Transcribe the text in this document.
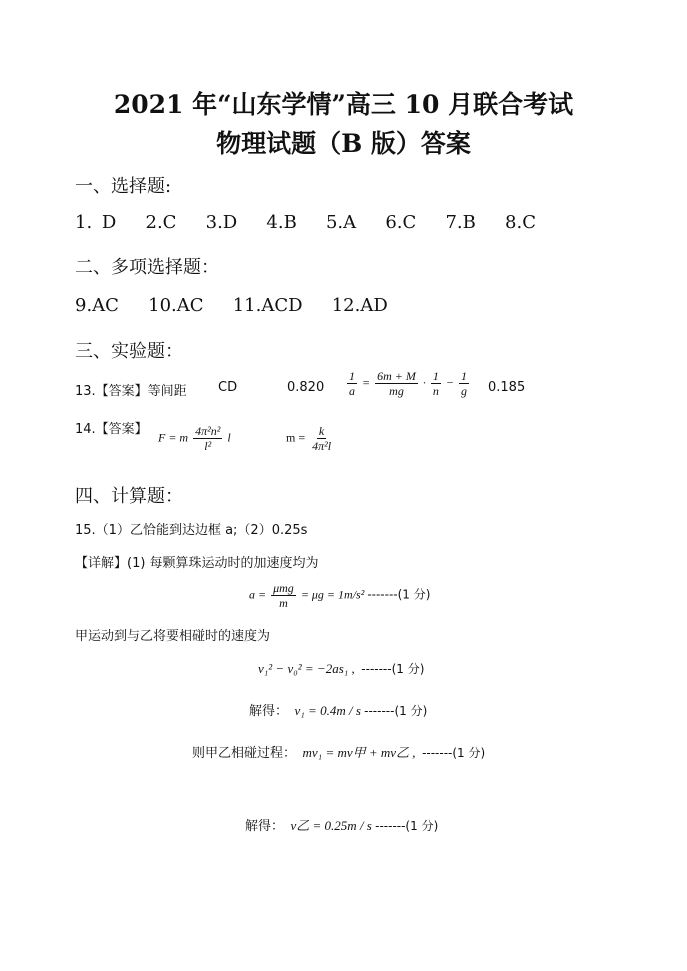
2021 年“山东学情”高三 10 月联合考试
物理试题（B 版）答案
一、选择题:
1. D 2.C 3.D 4.B 5.A 6.C 7.B 8.C
二、多项选择题：
9.AC 10.AC 11.ACD 12.AD
三、实验题：
13.【答案】等间距 CD	$0.820 \frac{1}{a} = \frac{6m + M}{mg} \cdot \frac{1}{n} - \frac{1}{g} 0.185$
14.【答案】
F = m $\frac{\text{4π²n²}}{\text{l²}}$ l	$m = \frac{k}{\text{4π²l}}$
四、计算题：
15.（1）乙恰能到达边框 a;（2）0.25s
【详解】(1) 每颗算珠运动时的加速度均为
$a = \frac{\text{μmg}}{m} = \mu g = 1m/s^2$ -------(1 分)
甲运动到与乙将要相碰时的速度为
v₁² − v₀² = −2as₁ , -------(1 分)
解得： v₁ = 0.4m / s -------(1 分)
则甲乙相碰过程： mv₁ = mv甲 + mv乙 , -------(1 分)
解得： v乙 = 0.25m / s -------(1 分)
